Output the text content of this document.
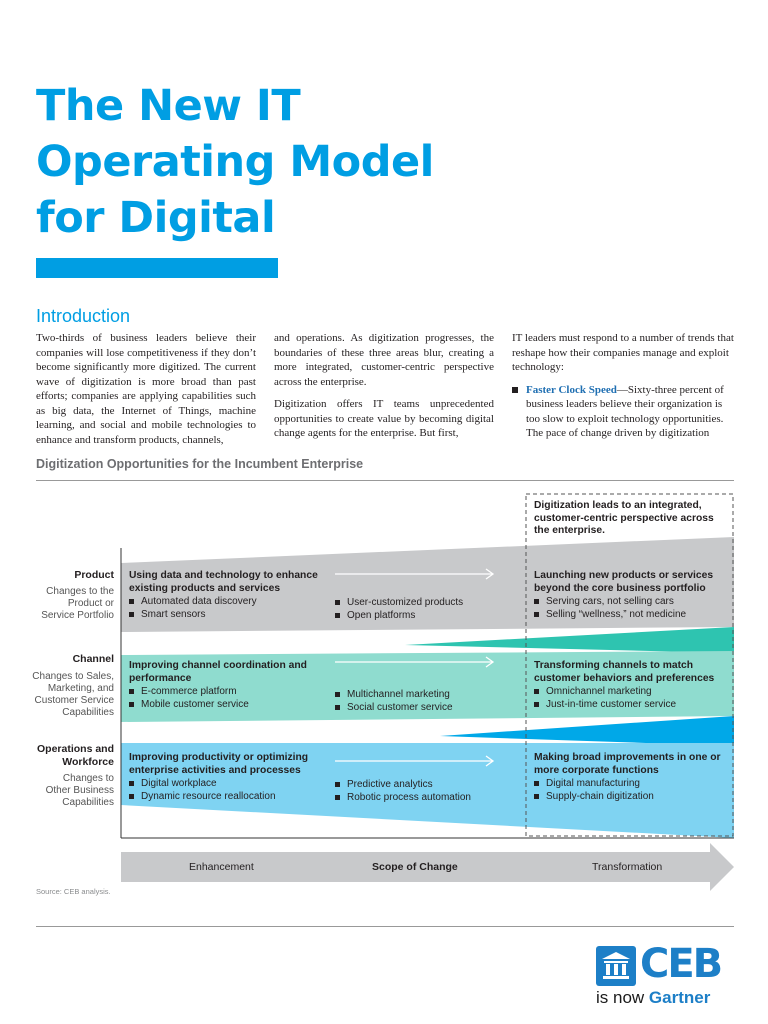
The New IT
Operating Model
for Digital
Introduction

Two-thirds of business leaders believe their companies will lose competitiveness if they don’t become significantly more digitized. The current wave of digitization is more broad than past efforts; companies are applying capabilities such as big data, the Internet of Things, machine learning, and social and mobile technologies to enhance and transform products, channels,

and operations. As digitization progresses, the boundaries of these three areas blur, creating a more integrated, customer-centric perspective across the enterprise.

Digitization offers IT teams unprecedented opportunities to create value by becoming digital change agents for the enterprise. But first,

IT leaders must respond to a number of trends that reshape how their companies manage and exploit technology:

Faster Clock Speed—Sixty-three percent of business leaders believe their organization is too slow to exploit technology opportunities. The pace of change driven by digitization
Digitization Opportunities for the Incumbent Enterprise
Digitization leads to an integrated, customer-centric perspective across the enterprise.
Product
Changes to the Product or Service Portfolio
Channel
Changes to Sales, Marketing, and Customer Service Capabilities
Operations and Workforce
Changes to Other Business Capabilities
Using data and technology to enhance existing products and services
Automated data discovery
Smart sensors
User-customized products
Open platforms
Launching new products or services beyond the core business portfolio
Serving cars, not selling cars
Selling “wellness,” not medicine
Improving channel coordination and performance
E-commerce platform
Mobile customer service
Multichannel marketing
Social customer service
Transforming channels to match customer behaviors and preferences
Omnichannel marketing
Just-in-time customer service
Improving productivity or optimizing enterprise activities and processes
Digital workplace
Dynamic resource reallocation
Predictive analytics
Robotic process automation
Making broad improvements in one or more corporate functions
Digital manufacturing
Supply-chain digitization
Enhancement	Scope of Change	Transformation
Source: CEB analysis.
CEB
is now Gartner
